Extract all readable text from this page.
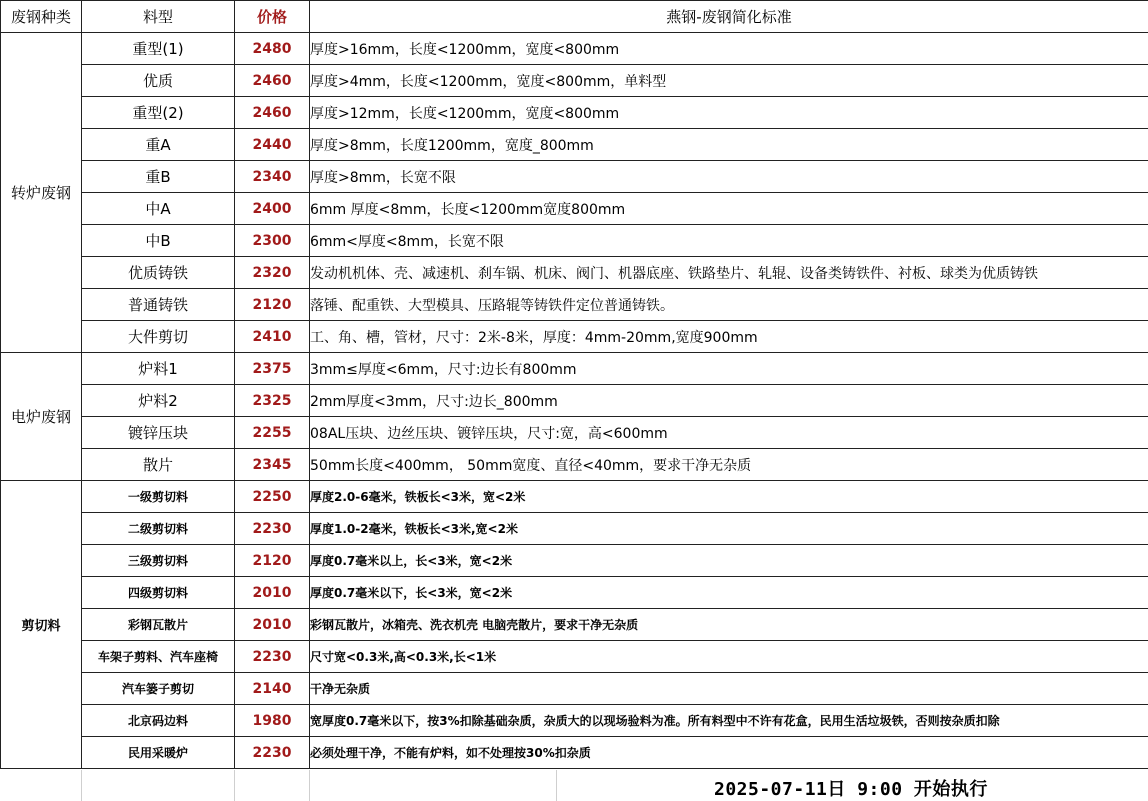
废钢种类	料型	价格	燕钢-废钢简化标准
转炉废钢	重型(1)	2480	厚度>16mm，长度<1200mm，宽度<800mm
	优质	2460	厚度>4mm，长度<1200mm，宽度<800mm，单料型
	重型(2)	2460	厚度>12mm，长度<1200mm，宽度<800mm
	重A	2440	厚度>8mm，长度1200mm，宽度_800mm
	重B	2340	厚度>8mm，长宽不限
	中A	2400	6mm 厚度<8mm，长度<1200mm宽度800mm
	中B	2300	6mm<厚度<8mm，长宽不限
	优质铸铁	2320	发动机机体、壳、减速机、刹车锅、机床、阀门、机器底座、铁路垫片、轧辊、设备类铸铁件、衬板、球类为优质铸铁
	普通铸铁	2120	落锤、配重铁、大型模具、压路辊等铸铁件定位普通铸铁。
	大件剪切	2410	工、角、槽，管材，尺寸：2米-8米，厚度：4mm-20mm,宽度900mm
电炉废钢	炉料1	2375	3mm≤厚度<6mm，尺寸:边长有800mm
	炉料2	2325	2mm厚度<3mm，尺寸:边长_800mm
	镀锌压块	2255	08AL压块、边丝压块、镀锌压块，尺寸:宽，高<600mm
	散片	2345	50mm长度<400mm， 50mm宽度、直径<40mm，要求干净无杂质
剪切料	一级剪切料	2250	厚度2.0-6毫米，铁板长<3米，宽<2米
	二级剪切料	2230	厚度1.0-2毫米，铁板长<3米,宽<2米
	三级剪切料	2120	厚度0.7毫米以上，长<3米，宽<2米
	四级剪切料	2010	厚度0.7毫米以下，长<3米，宽<2米
	彩钢瓦散片	2010	彩钢瓦散片，冰箱壳、洗衣机壳 电脑壳散片，要求干净无杂质
	车架子剪料、汽车座椅	2230	尺寸宽<0.3米,高<0.3米,长<1米
	汽车篓子剪切	2140	干净无杂质
	北京码边料	1980	宽厚度0.7毫米以下，按3%扣除基础杂质，杂质大的以现场验料为准。所有料型中不许有花盒，民用生活垃圾铁，否则按杂质扣除
	民用采暖炉	2230	必须处理干净，不能有炉料，如不处理按30%扣杂质
2025-07-11日 9:00 开始执行
